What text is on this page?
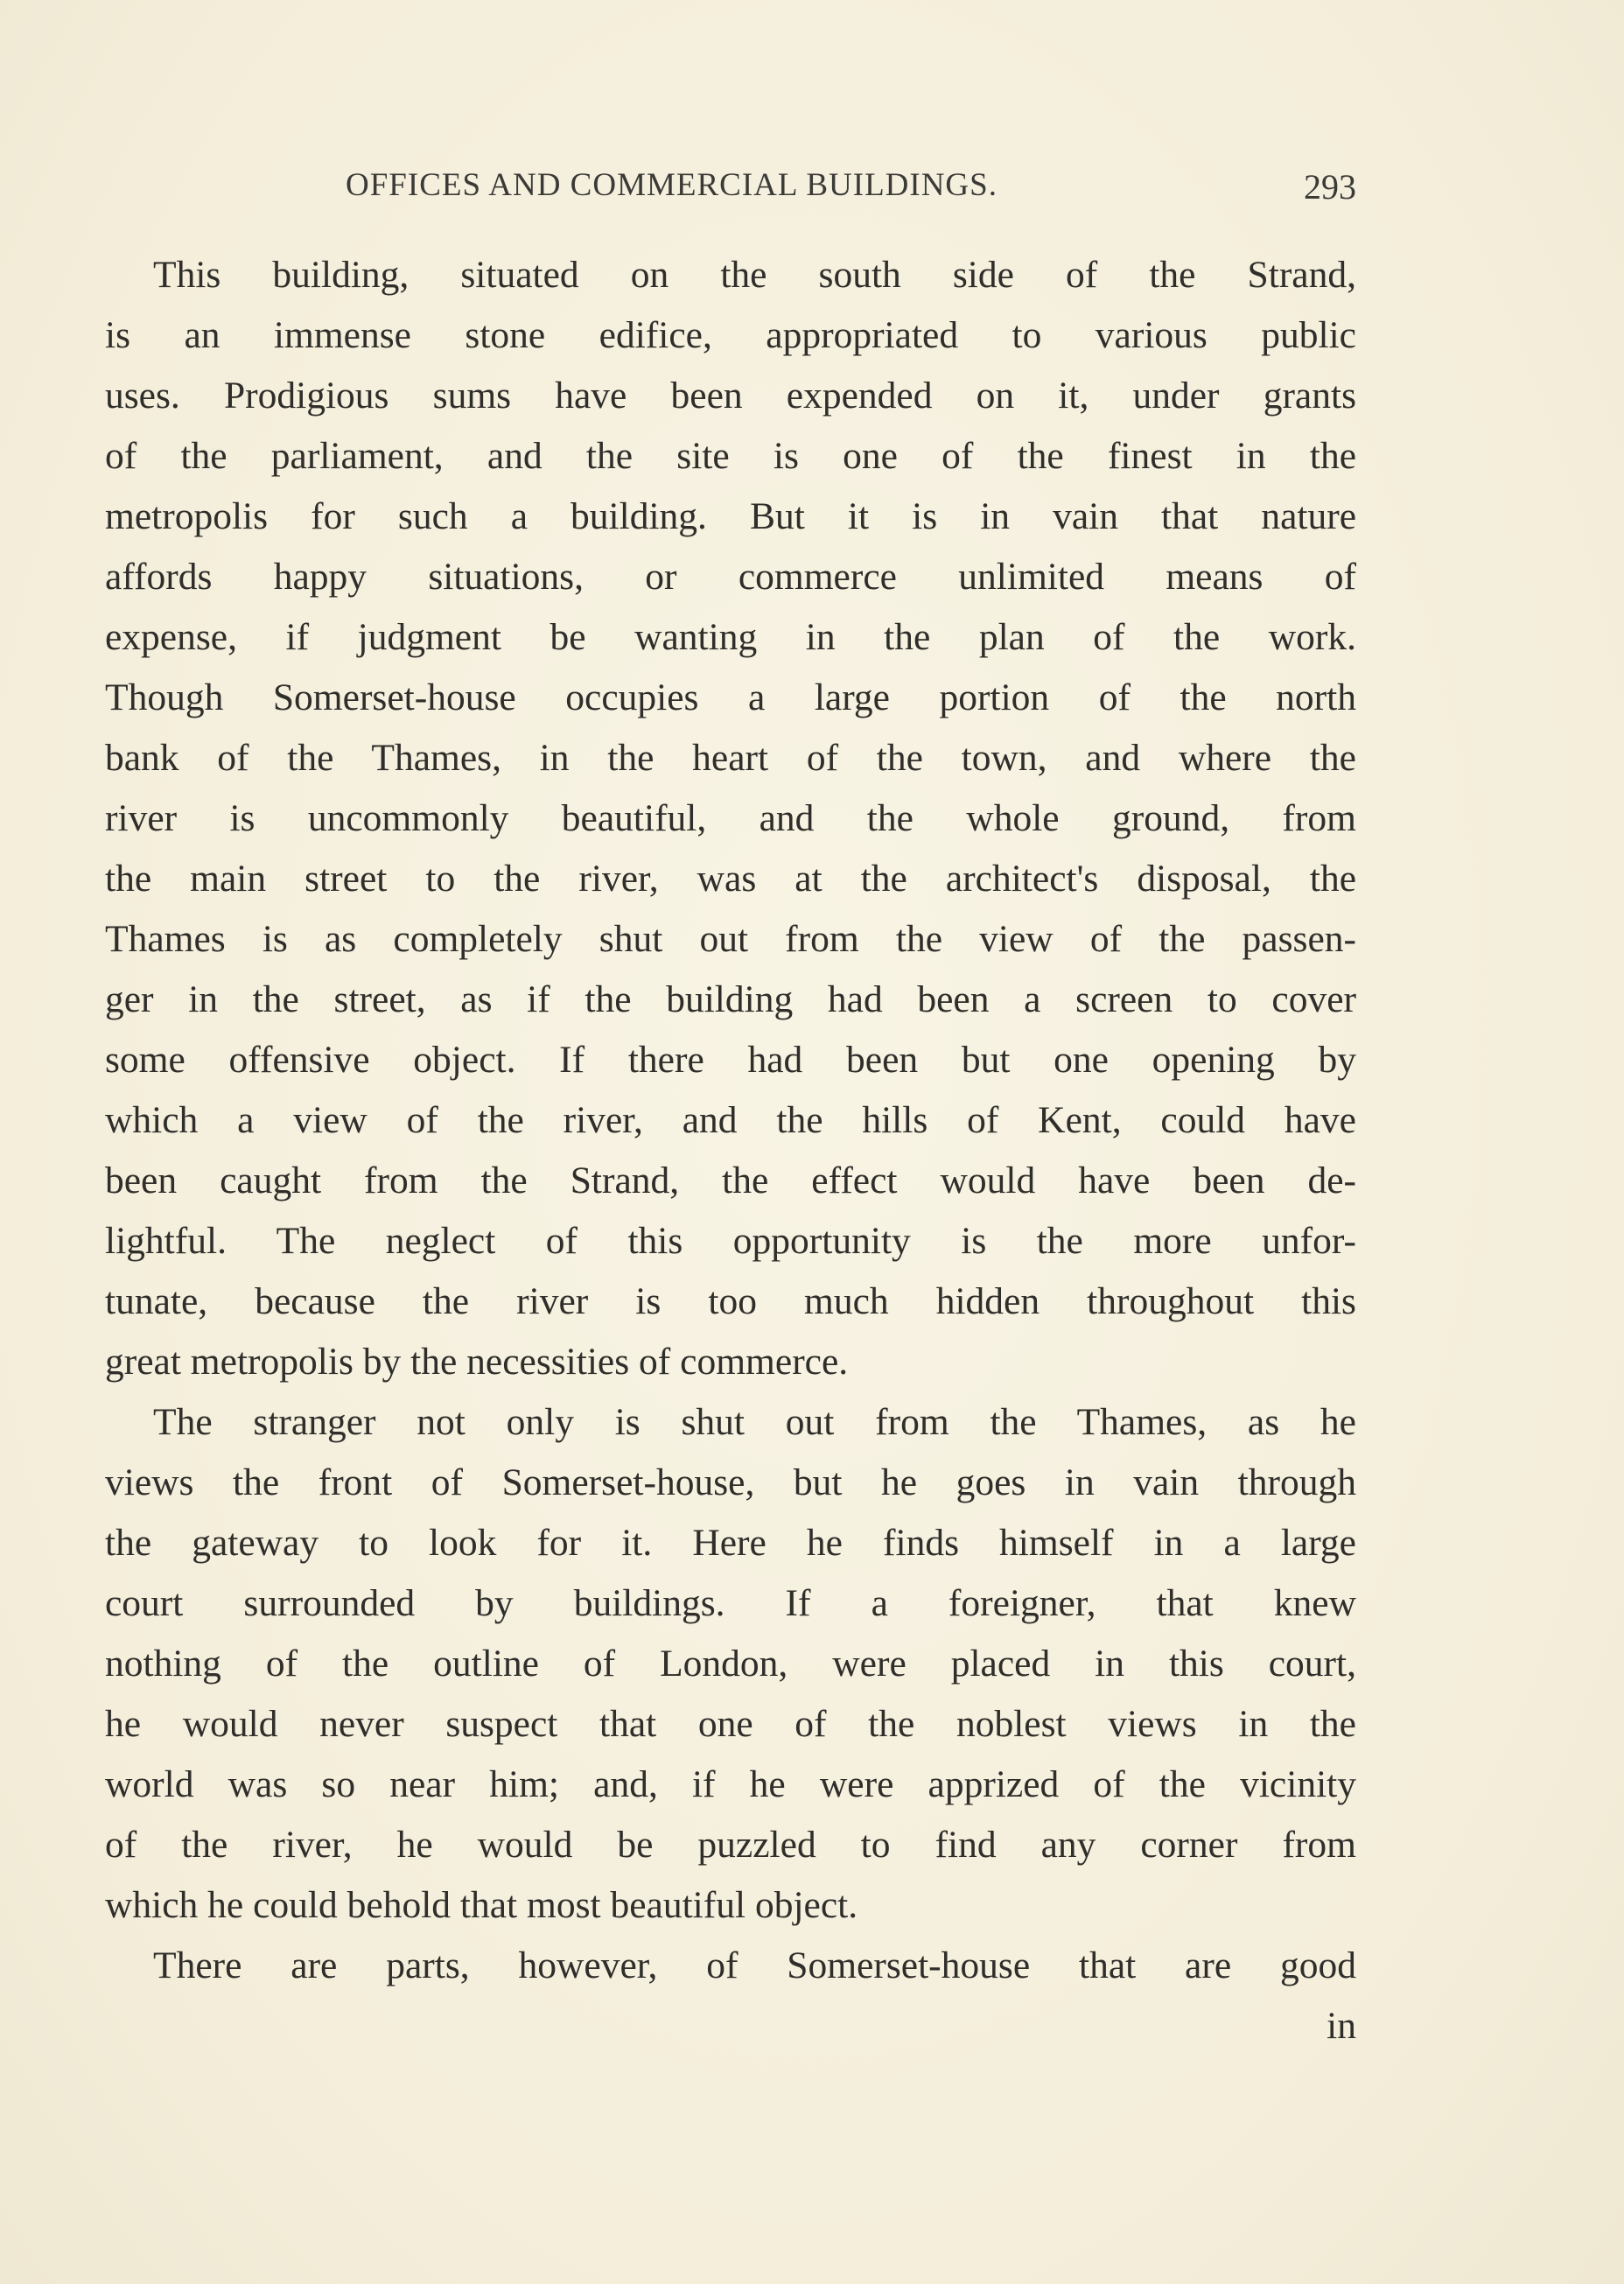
OFFICES AND COMMERCIAL BUILDINGS.	293
This building, situated on the south side of the Strand,
is an immense stone edifice, appropriated to various public
uses. Prodigious sums have been expended on it, under grants
of the parliament, and the site is one of the finest in the
metropolis for such a building. But it is in vain that nature
affords happy situations, or commerce unlimited means of
expense, if judgment be wanting in the plan of the work.
Though Somerset-house occupies a large portion of the north
bank of the Thames, in the heart of the town, and where the
river is uncommonly beautiful, and the whole ground, from
the main street to the river, was at the architect's disposal, the
Thames is as completely shut out from the view of the passen-
ger in the street, as if the building had been a screen to cover
some offensive object. If there had been but one opening by
which a view of the river, and the hills of Kent, could have
been caught from the Strand, the effect would have been de-
lightful. The neglect of this opportunity is the more unfor-
tunate, because the river is too much hidden throughout this
great metropolis by the necessities of commerce.
The stranger not only is shut out from the Thames, as he
views the front of Somerset-house, but he goes in vain through
the gateway to look for it. Here he finds himself in a large
court surrounded by buildings. If a foreigner, that knew
nothing of the outline of London, were placed in this court,
he would never suspect that one of the noblest views in the
world was so near him; and, if he were apprized of the vicinity
of the river, he would be puzzled to find any corner from
which he could behold that most beautiful object.
There are parts, however, of Somerset-house that are good
in
